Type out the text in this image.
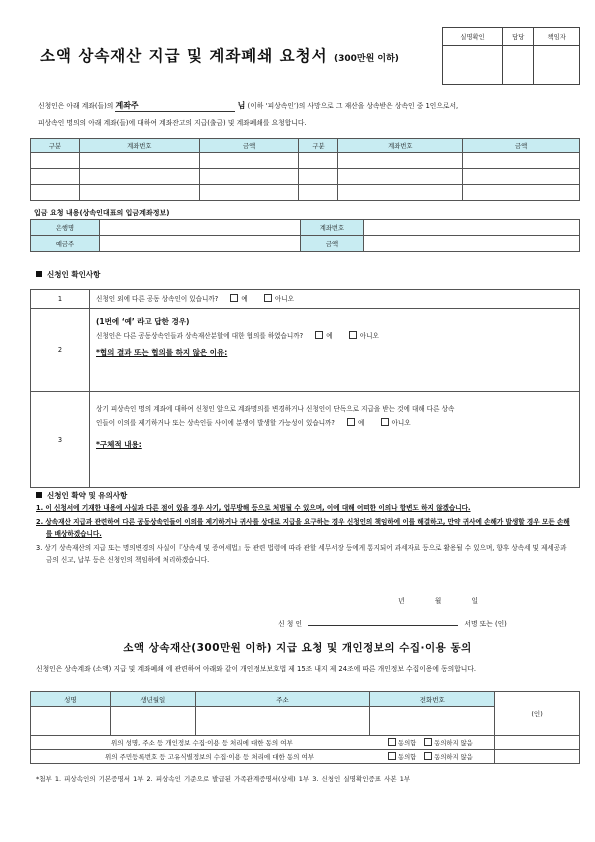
실명확인	담당	책임자

소액 상속재산 지급 및 계좌폐쇄 요청서 (300만원 이하)
신청인은 아래 계좌(들)의 계좌주	님 (이하 ‘피상속인’)의 사망으로 그 재산을 상속받은 상속인 중 1인으로서,
피상속인 명의의 아래 계좌(들)에 대하여 계좌잔고의 지급(출금) 및 계좌폐쇄를 요청합니다.
구분	계좌번호	금액	구분	계좌번호	금액

입금 요청 내용(상속인대표의 입금계좌정보)
은행명		계좌번호	
예금주		금액	
신청인 확인사항
1	신청인 외에 다른 공동 상속인이 있습니까? 예 아니오

2	(1번에 ‘예’ 라고 답한 경우)
신청인은 다른 공동상속인들과 상속재산분할에 대한 협의를 하였습니까? 예 아니오
*협의 결과 또는 협의를 하지 않은 이유:

3	상기 피상속인 명의 계좌에 대하여 신청인 앞으로 계좌명의를 변경하거나 신청인이 단독으로 지급을 받는 것에 대해 다른 상속
인들이 이의를 제기하거나 또는 상속인들 사이에 분쟁이 발생할 가능성이 있습니까? 예 아니오
*구체적 내용:
신청인 확약 및 유의사항
1. 이 신청서에 기재한 내용에 사실과 다른 점이 있을 경우 사기, 업무방해 등으로 처벌될 수 있으며, 이에 대해 어떠한 이의나 항변도 하지 않겠습니다.
2. 상속재산 지급과 관련하여 다른 공동상속인들이 이의를 제기하거나 귀사를 상대로 지급을 요구하는 경우 신청인의 책임하에 이를 해결하고, 만약 귀사에 손해가 발생할 경우 모든 손해를 배상하겠습니다.
3. 상기 상속재산의 지급 또는 명의변경의 사실이『상속세 및 증여세법』등 관련 법령에 따라 관할 세무서장 등에게 통지되어 과세자료 등으로 활용될 수 있으며, 향후 상속세 및 제세공과금의 신고, 납부 등은 신청인의 책임하에 처리하겠습니다.
년	월	일
신 청 인	서명 또는 (인)
소액 상속재산(300만원 이하) 지급 요청 및 개인정보의 수집·이용 동의
신청인은 상속계좌 (소액) 지급 및 계좌폐쇄 에 관련하여 아래와 같이 개인정보보호법 제 15조 내지 제 24조에 따른 개인정보 수집이용에 동의합니다.
성명	생년월일	주소	전화번호	(인)

위의 성명, 주소 등 개인정보 수집·이용 등 처리에 대한 동의 여부				
위의 주민등록번호 등 고유식별정보의 수집·이용 등 처리에 대한 동의 여부				
동의함	동의하지 않음
동의함	동의하지 않음
*첨부 1. 피상속인의 기본증명서 1부 2. 피상속인 기준으로 발급된 가족관계증명서(상세) 1부 3. 신청인 실명확인증표 사본 1부
